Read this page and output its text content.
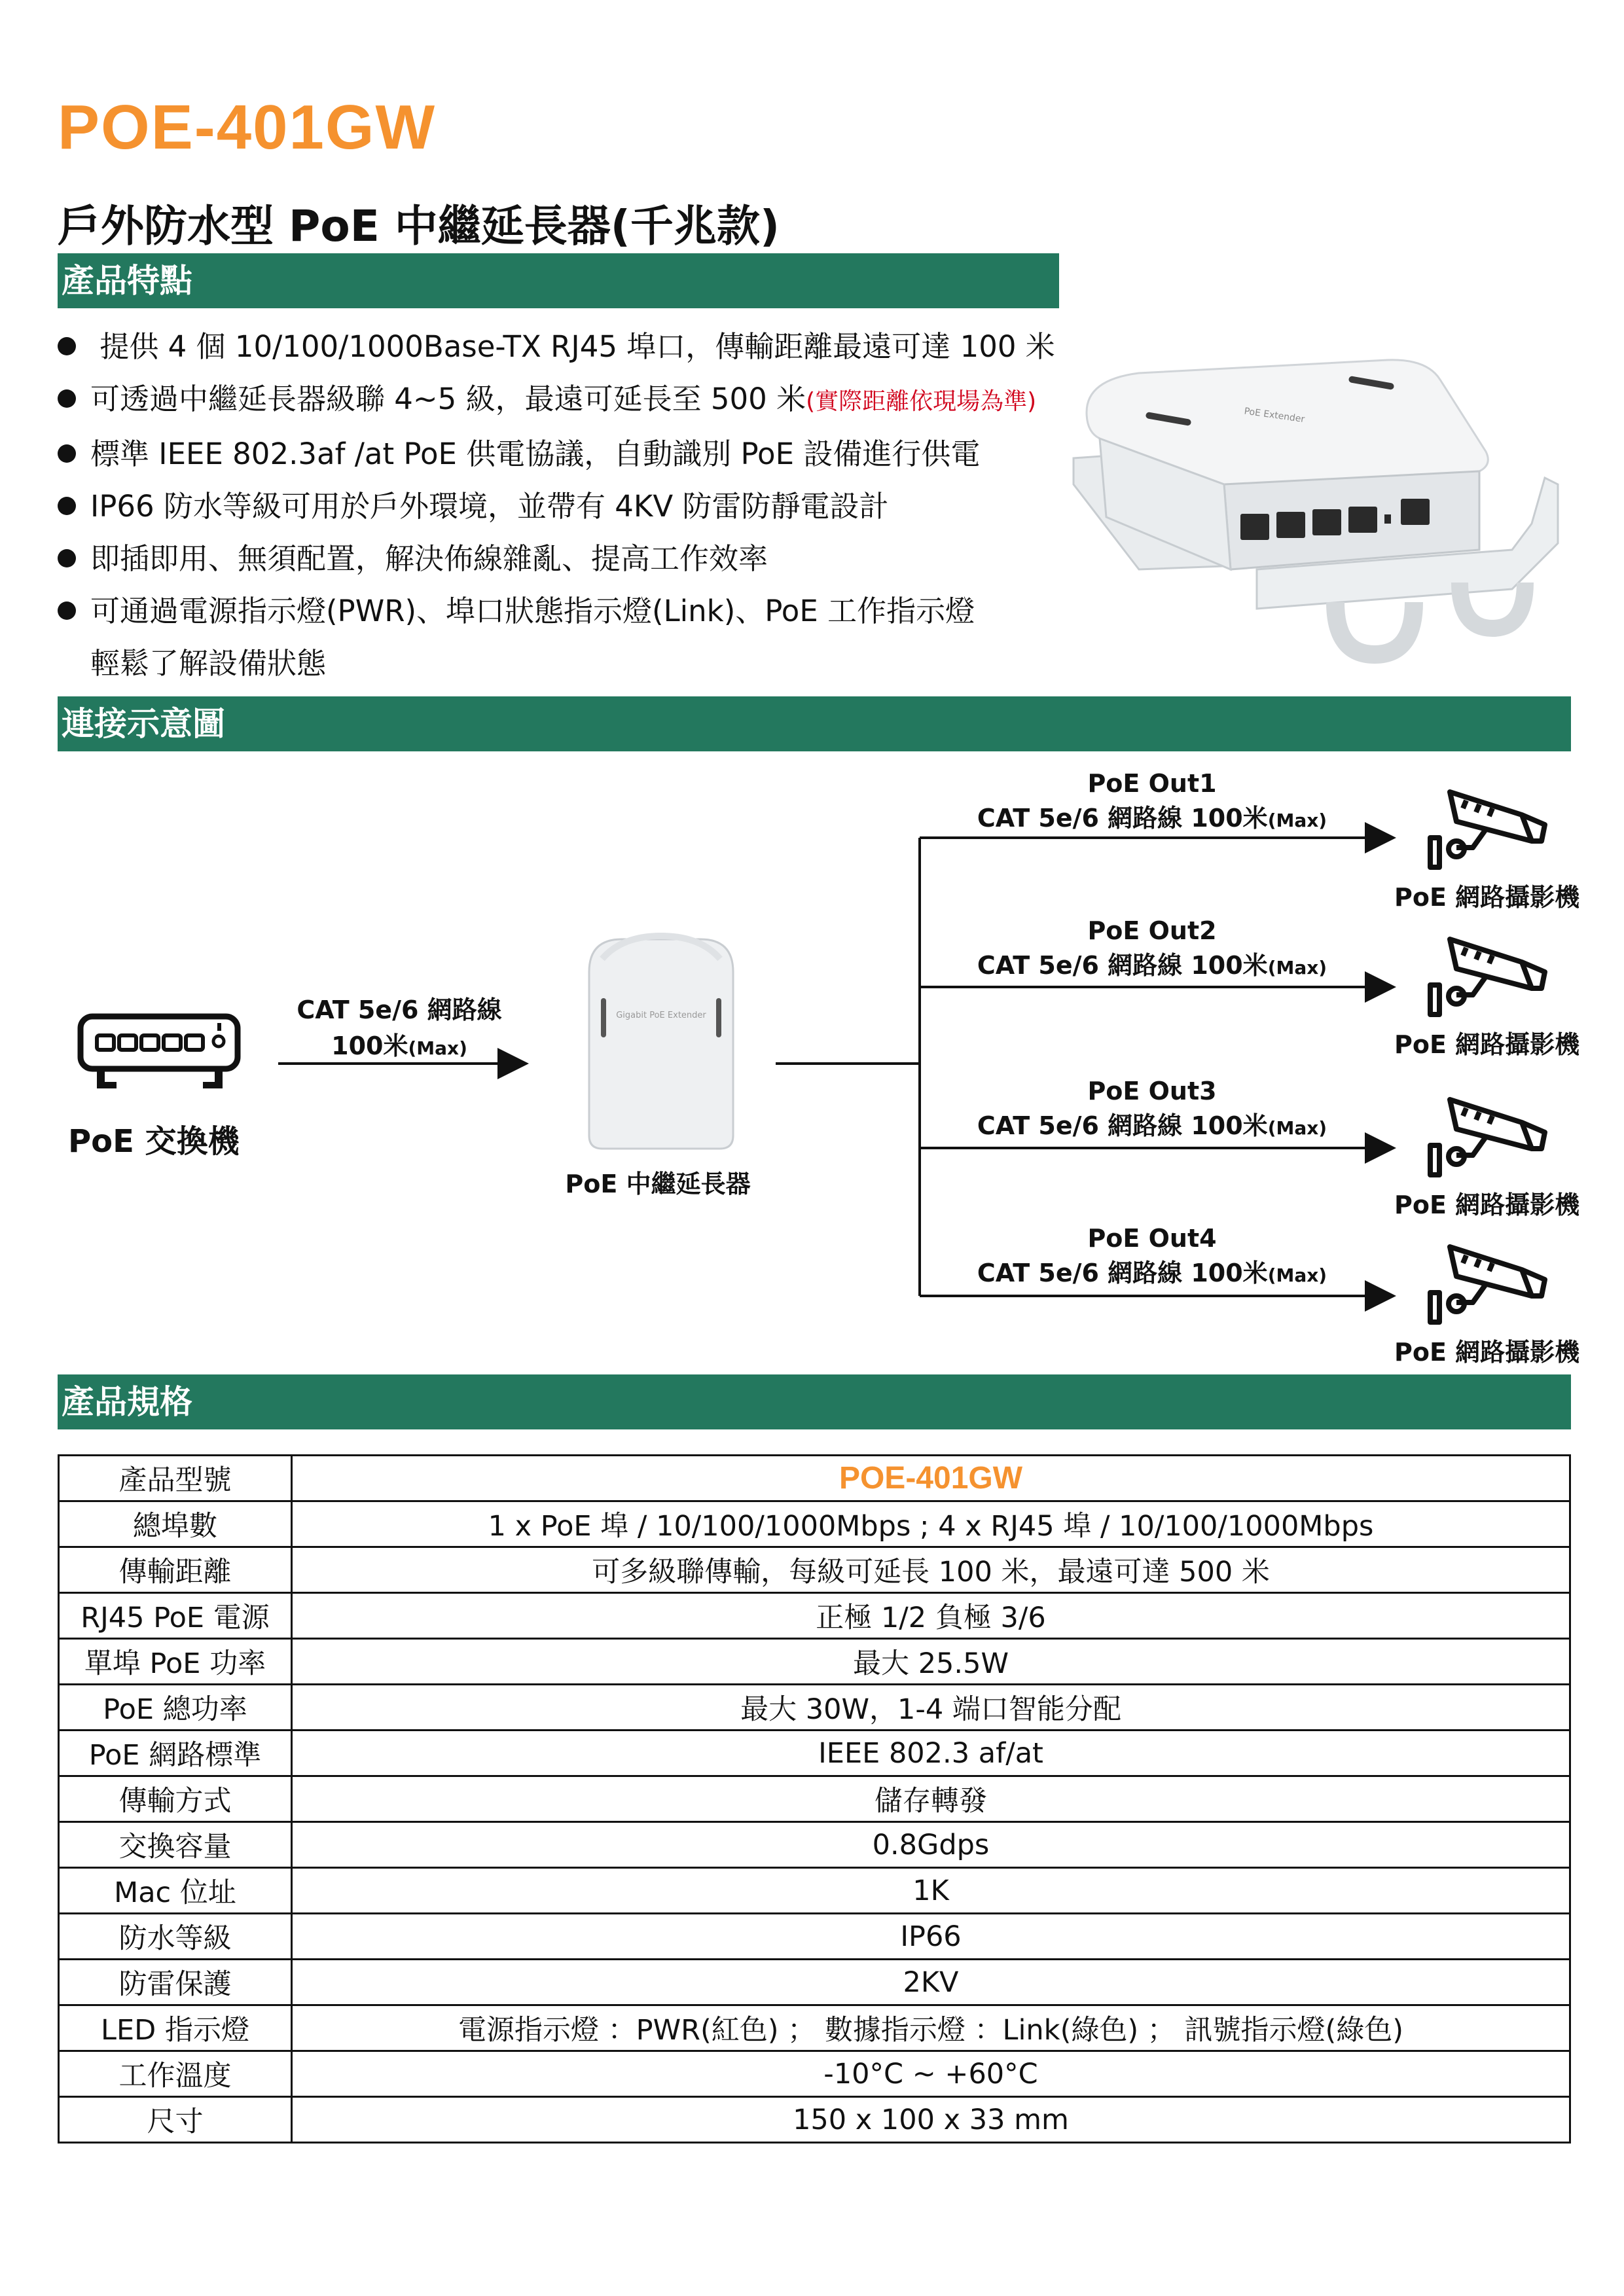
POE-401GW
戶外防水型 PoE 中繼延長器(千兆款)
產品特點
提供 4 個 10/100/1000Base-TX RJ45 埠口，傳輸距離最遠可達 100 米
可透過中繼延長器級聯 4~5 級，最遠可延長至 500 米(實際距離依現場為準)
標準 IEEE 802.3af /at PoE 供電協議，自動識別 PoE 設備進行供電
IP66 防水等級可用於戶外環境，並帶有 4KV 防雷防靜電設計
即插即用、無須配置，解決佈線雜亂、提高工作效率
可通過電源指示燈(PWR)、埠口狀態指示燈(Link)、PoE 工作指示燈
輕鬆了解設備狀態
PoE Extender
連接示意圖
PoE 交換機
CAT 5e/6 網路線
100米(Max)
Gigabit PoE Extender
PoE 中繼延長器
PoE Out1
CAT 5e/6 網路線 100米(Max)
PoE Out2
CAT 5e/6 網路線 100米(Max)
PoE Out3
CAT 5e/6 網路線 100米(Max)
PoE Out4
CAT 5e/6 網路線 100米(Max)
PoE 網路攝影機
PoE 網路攝影機
PoE 網路攝影機
PoE 網路攝影機
產品規格
產品型號	POE-401GW
總埠數	1 x PoE 埠 / 10/100/1000Mbps ; 4 x RJ45 埠 / 10/100/1000Mbps
傳輸距離	可多級聯傳輸，每級可延長 100 米，最遠可達 500 米
RJ45 PoE 電源	正極 1/2 負極 3/6
單埠 PoE 功率	最大 25.5W
PoE 總功率	最大 30W，1-4 端口智能分配
PoE 網路標準	IEEE 802.3 af/at
傳輸方式	儲存轉發
交換容量	0.8Gdps
Mac 位址	1K
防水等級	IP66
防雷保護	2KV
LED 指示燈	電源指示燈 ：PWR(紅色) ； 數據指示燈 ：Link(綠色) ； 訊號指示燈(綠色)
工作溫度	-10°C ~ +60°C
尺寸	150 x 100 x 33 mm
